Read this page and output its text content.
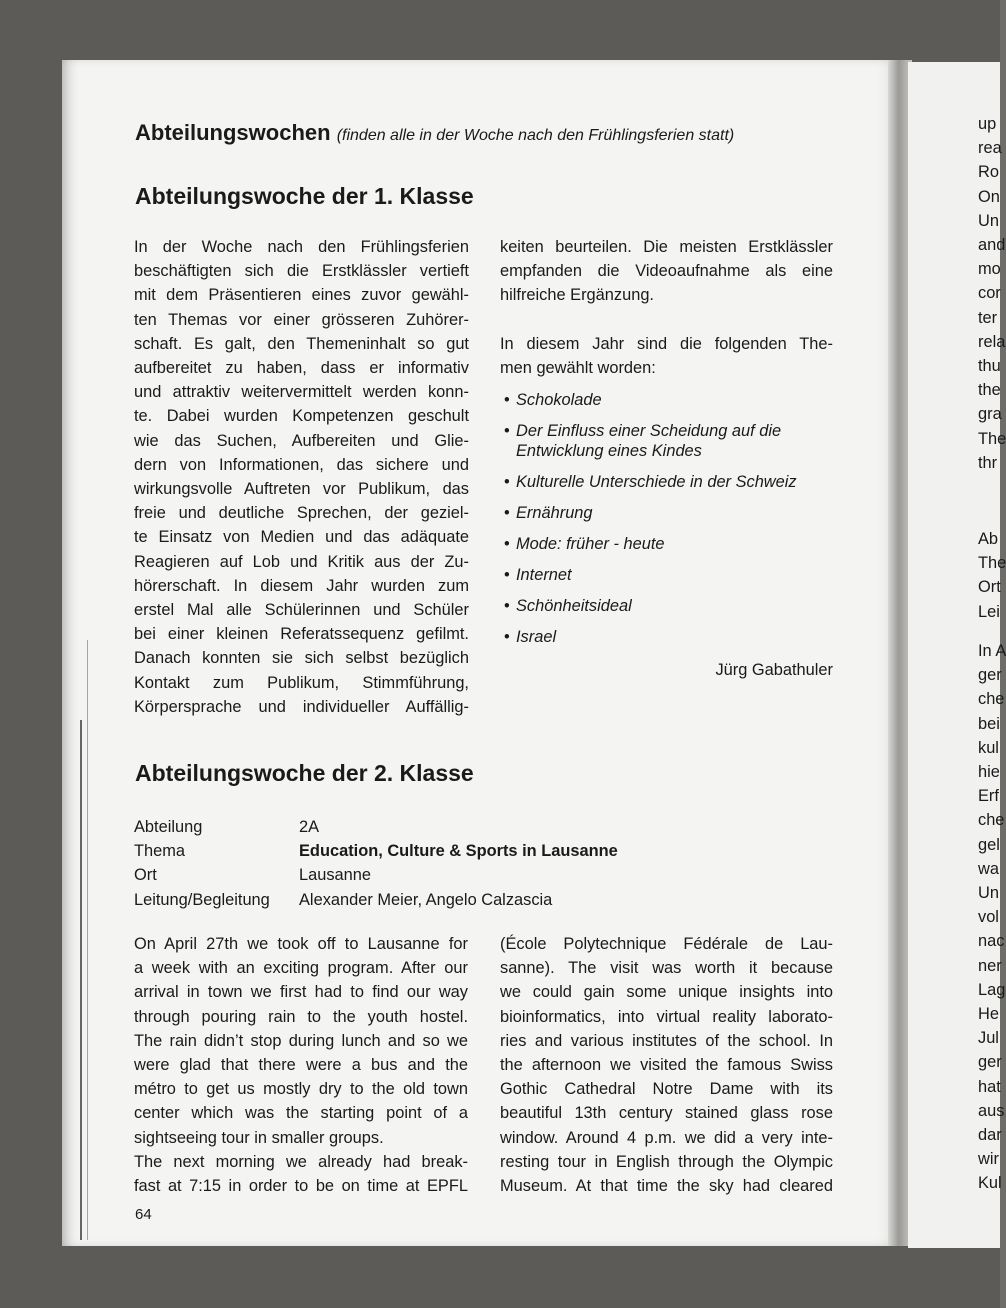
up
rea
Ro
On
Un
and
mo
cor
ter
rela
thu
the
gra
The
thr
Ab
The
Ort
Lei
In A
ger
che
bei
kul
hie
Erf
che
gel
wa
Un
vol
nac
ner
Lag
He
Jul
ger
hat
aus
dar
wir
Kul
Abteilungswochen (finden alle in der Woche nach den Frühlingsferien statt)
Abteilungswoche der 1. Klasse

In der Woche nach den Frühlingsferien
beschäftigten sich die Erstklässler vertieft
mit dem Präsentieren eines zuvor gewähl-
ten Themas vor einer grösseren Zuhörer-
schaft. Es galt, den Themeninhalt so gut
aufbereitet zu haben, dass er informativ
und attraktiv weitervermittelt werden konn-
te. Dabei wurden Kompetenzen geschult
wie das Suchen, Aufbereiten und Glie-
dern von Informationen, das sichere und
wirkungsvolle Auftreten vor Publikum, das
freie und deutliche Sprechen, der geziel-
te Einsatz von Medien und das adäquate
Reagieren auf Lob und Kritik aus der Zu-
hörerschaft. In diesem Jahr wurden zum
erstel Mal alle Schülerinnen und Schüler
bei einer kleinen Referatssequenz gefilmt.
Danach konnten sie sich selbst bezüglich
Kontakt zum Publikum, Stimmführung,
Körpersprache und individueller Auffällig-

keiten beurteilen. Die meisten Erstklässler
empfanden die Videoaufnahme als eine
hilfreiche Ergänzung.

In diesem Jahr sind die folgenden The-
men gewählt worden:

• Schokolade
• Der Einfluss einer Scheidung auf die Entwicklung eines Kindes
• Kulturelle Unterschiede in der Schweiz
• Ernährung
• Mode: früher - heute
• Internet
• Schönheitsideal
• Israel

Jürg Gabathuler

Abteilungswoche der 2. Klasse
Abteilung	2A
Thema	Education, Culture & Sports in Lausanne
Ort	Lausanne
Leitung/Begleitung	Alexander Meier, Angelo Calzascia

On April 27th we took off to Lausanne for
a week with an exciting program. After our
arrival in town we first had to find our way
through pouring rain to the youth hostel.
The rain didn’t stop during lunch and so we
were glad that there were a bus and the
métro to get us mostly dry to the old town
center which was the starting point of a
sightseeing tour in smaller groups.

The next morning we already had break-
fast at 7:15 in order to be on time at EPFL

(École Polytechnique Fédérale de Lau-
sanne). The visit was worth it because
we could gain some unique insights into
bioinformatics, into virtual reality laborato-
ries and various institutes of the school. In
the afternoon we visited the famous Swiss
Gothic Cathedral Notre Dame with its
beautiful 13th century stained glass rose
window. Around 4 p.m. we did a very inte-
resting tour in English through the Olympic
Museum. At that time the sky had cleared

64
